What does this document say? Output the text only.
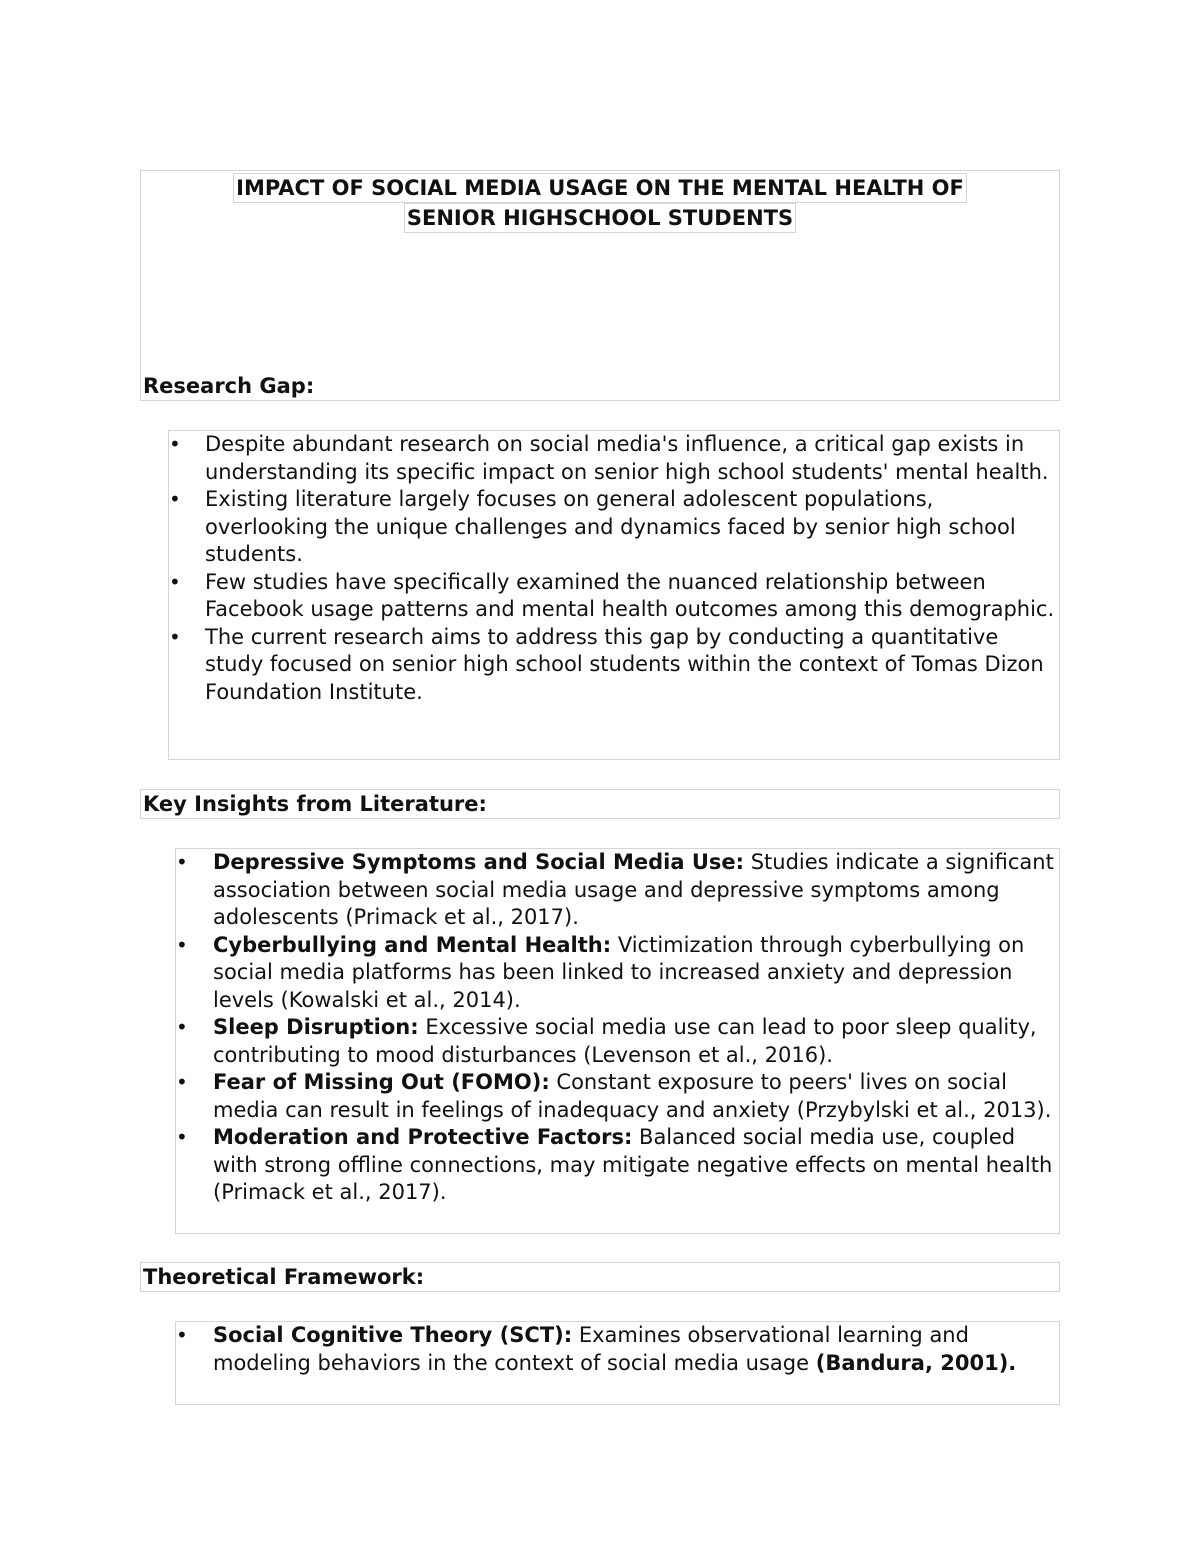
IMPACT OF SOCIAL MEDIA USAGE ON THE MENTAL HEALTH OF
SENIOR HIGHSCHOOL STUDENTS
Research Gap:
• Despite abundant research on social media's influence, a critical gap exists in understanding its specific impact on senior high school students' mental health.
• Existing literature largely focuses on general adolescent populations, overlooking the unique challenges and dynamics faced by senior high school students.
• Few studies have specifically examined the nuanced relationship between Facebook usage patterns and mental health outcomes among this demographic.
• The current research aims to address this gap by conducting a quantitative study focused on senior high school students within the context of Tomas Dizon Foundation Institute.
Key Insights from Literature:
• Depressive Symptoms and Social Media Use: Studies indicate a significant association between social media usage and depressive symptoms among adolescents (Primack et al., 2017).
• Cyberbullying and Mental Health: Victimization through cyberbullying on social media platforms has been linked to increased anxiety and depression levels (Kowalski et al., 2014).
• Sleep Disruption: Excessive social media use can lead to poor sleep quality, contributing to mood disturbances (Levenson et al., 2016).
• Fear of Missing Out (FOMO): Constant exposure to peers' lives on social media can result in feelings of inadequacy and anxiety (Przybylski et al., 2013).
• Moderation and Protective Factors: Balanced social media use, coupled with strong offline connections, may mitigate negative effects on mental health (Primack et al., 2017).
Theoretical Framework:
• Social Cognitive Theory (SCT): Examines observational learning and modeling behaviors in the context of social media usage (Bandura, 2001).
